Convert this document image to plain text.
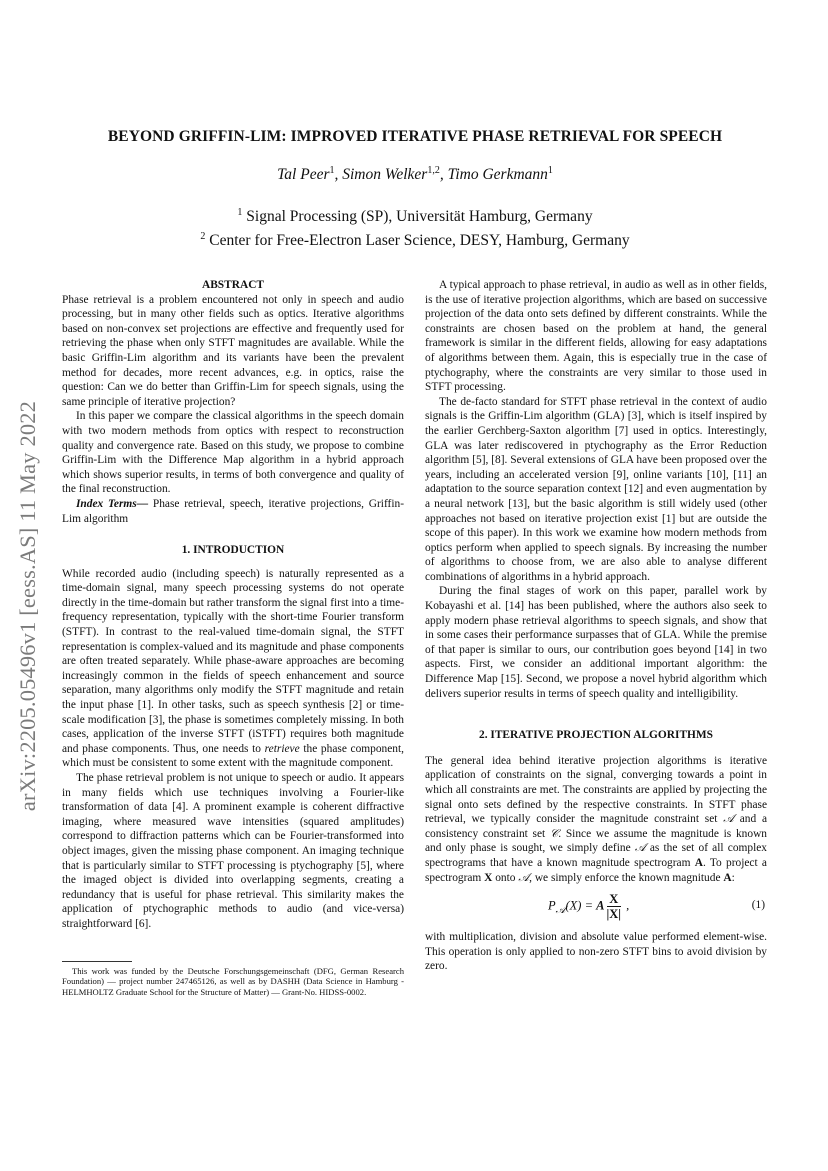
arXiv:2205.05496v1 [eess.AS] 11 May 2022
BEYOND GRIFFIN-LIM: IMPROVED ITERATIVE PHASE RETRIEVAL FOR SPEECH
Tal Peer$^1$, Simon Welker$^{1,2}$, Timo Gerkmann$^1$
$^1$ Signal Processing (SP), Universität Hamburg, Germany
$^2$ Center for Free-Electron Laser Science, DESY, Hamburg, Germany

ABSTRACT

Phase retrieval is a problem encountered not only in speech and audio processing, but in many other fields such as optics. Iterative algorithms based on non-convex set projections are effective and frequently used for retrieving the phase when only STFT magnitudes are available. While the basic Griffin-Lim algorithm and its variants have been the prevalent method for decades, more recent advances, e.g. in optics, raise the question: Can we do better than Griffin-Lim for speech signals, using the same principle of iterative projection?

In this paper we compare the classical algorithms in the speech domain with two modern methods from optics with respect to reconstruction quality and convergence rate. Based on this study, we propose to combine Griffin-Lim with the Difference Map algorithm in a hybrid approach which shows superior results, in terms of both convergence and quality of the final reconstruction.

Index Terms— Phase retrieval, speech, iterative projections, Griffin-Lim algorithm

1. INTRODUCTION

While recorded audio (including speech) is naturally represented as a time-domain signal, many speech processing systems do not operate directly in the time-domain but rather transform the signal first into a time-frequency representation, typically with the short-time Fourier transform (STFT). In contrast to the real-valued time-domain signal, the STFT representation is complex-valued and its magnitude and phase components are often treated separately. While phase-aware approaches are becoming increasingly common in the fields of speech enhancement and source separation, many algorithms only modify the STFT magnitude and retain the input phase [1]. In other tasks, such as speech synthesis [2] or time-scale modification [3], the phase is sometimes completely missing. In both cases, application of the inverse STFT (iSTFT) requires both magnitude and phase components. Thus, one needs to retrieve the phase component, which must be consistent to some extent with the magnitude component.

The phase retrieval problem is not unique to speech or audio. It appears in many fields which use techniques involving a Fourier-like transformation of data [4]. A prominent example is coherent diffractive imaging, where measured wave intensities (squared amplitudes) correspond to diffraction patterns which can be Fourier-transformed into object images, given the missing phase component. An imaging technique that is particularly similar to STFT processing is ptychography [5], where the imaged object is divided into overlapping segments, creating a redundancy that is useful for phase retrieval. This similarity makes the application of ptychographic methods to audio (and vice-versa) straightforward [6].

This work was funded by the Deutsche Forschungsgemeinschaft (DFG, German Research Foundation) — project number 247465126, as well as by DASHH (Data Science in Hamburg - HELMHOLTZ Graduate School for the Structure of Matter) — Grant-No. HIDSS-0002.

A typical approach to phase retrieval, in audio as well as in other fields, is the use of iterative projection algorithms, which are based on successive projection of the data onto sets defined by different constraints. While the constraints are chosen based on the problem at hand, the general framework is similar in the different fields, allowing for easy adaptations of algorithms between them. Again, this is especially true in the case of ptychography, where the constraints are very similar to those used in STFT processing.

The de-facto standard for STFT phase retrieval in the context of audio signals is the Griffin-Lim algorithm (GLA) [3], which is itself inspired by the earlier Gerchberg-Saxton algorithm [7] used in optics. Interestingly, GLA was later rediscovered in ptychography as the Error Reduction algorithm [5], [8]. Several extensions of GLA have been proposed over the years, including an accelerated version [9], online variants [10], [11] an adaptation to the source separation context [12] and even augmentation by a neural network [13], but the basic algorithm is still widely used (other approaches not based on iterative projection exist [1] but are outside the scope of this paper). In this work we examine how modern methods from optics perform when applied to speech signals. By increasing the number of algorithms to choose from, we are also able to analyse different combinations of algorithms in a hybrid approach.

During the final stages of work on this paper, parallel work by Kobayashi et al. [14] has been published, where the authors also seek to apply modern phase retrieval algorithms to speech signals, and show that in some cases their performance surpasses that of GLA. While the premise of that paper is similar to ours, our contribution goes beyond [14] in two aspects. First, we consider an additional important algorithm: the Difference Map [15]. Second, we propose a novel hybrid algorithm which delivers superior results in terms of speech quality and intelligibility.

2. ITERATIVE PROJECTION ALGORITHMS

The general idea behind iterative projection algorithms is iterative application of constraints on the signal, converging towards a point in which all constraints are met. The constraints are applied by projecting the signal onto sets defined by the respective constraints. In STFT phase retrieval, we typically consider the magnitude constraint set 𝒜 and a consistency constraint set 𝒞. Since we assume the magnitude is known and only phase is sought, we simply define 𝒜 as the set of all complex spectrograms that have a known magnitude spectrogram A. To project a spectrogram X onto 𝒜, we simply enforce the known magnitude A:

$P_𝒜(X) = A \frac{X}{|X|}$ ,	(1)

with multiplication, division and absolute value performed element-wise. This operation is only applied to non-zero STFT bins to avoid division by zero.
